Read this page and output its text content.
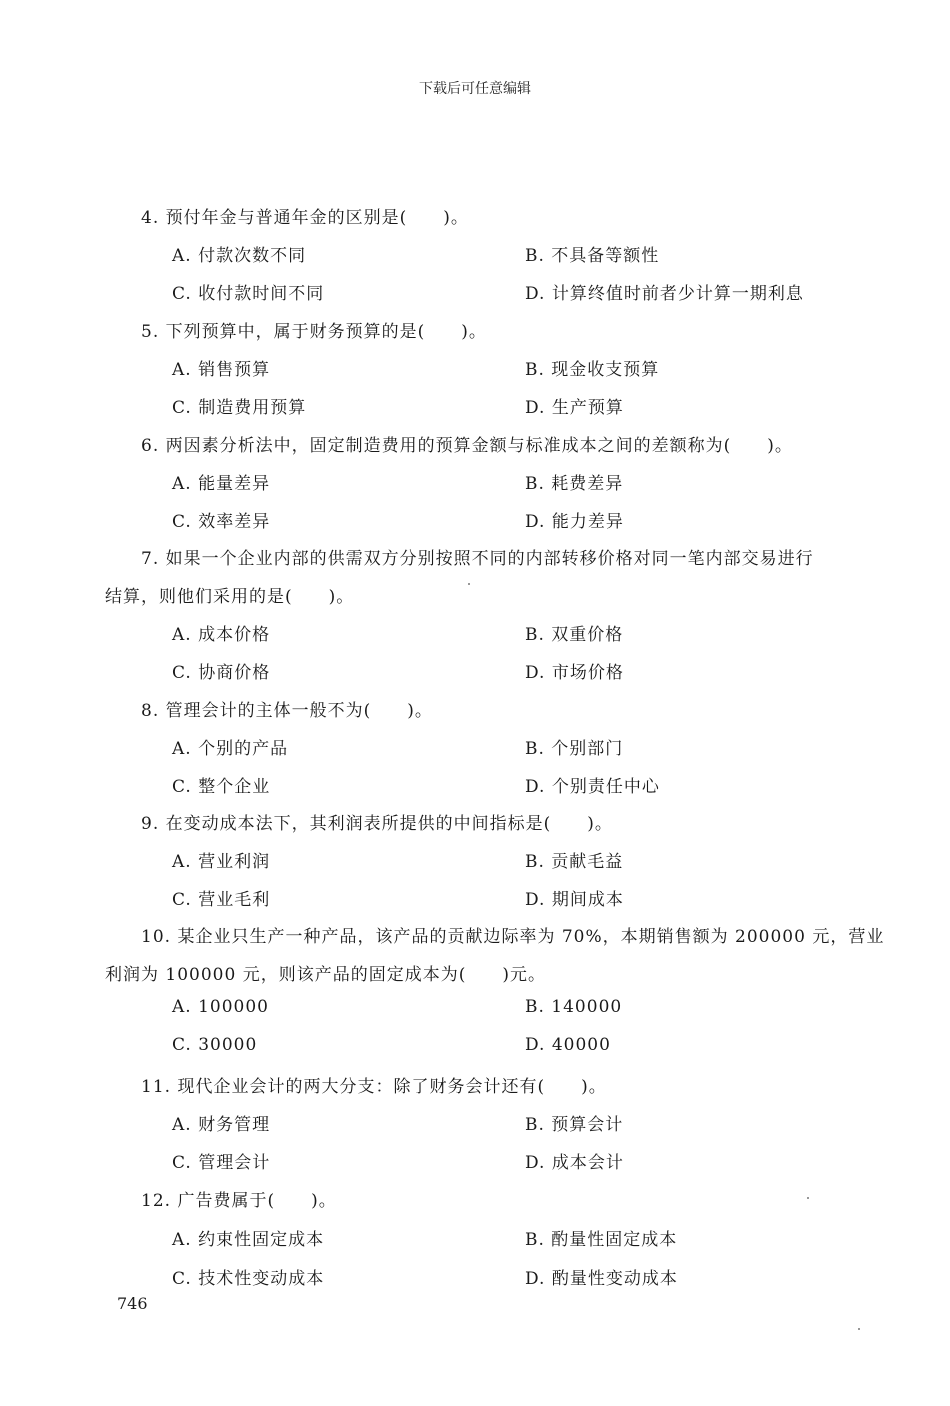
下载后可任意编辑
4. 预付年金与普通年金的区别是(　　)。
A. 付款次数不同	B. 不具备等额性
C. 收付款时间不同	D. 计算终值时前者少计算一期利息
5. 下列预算中，属于财务预算的是(　　)。
A. 销售预算	B. 现金收支预算
C. 制造费用预算	D. 生产预算
6. 两因素分析法中，固定制造费用的预算金额与标准成本之间的差额称为(　　)。
A. 能量差异	B. 耗费差异
C. 效率差异	D. 能力差异
7. 如果一个企业内部的供需双方分别按照不同的内部转移价格对同一笔内部交易进行
结算，则他们采用的是(　　)。
A. 成本价格	B. 双重价格
C. 协商价格	D. 市场价格
8. 管理会计的主体一般不为(　　)。
A. 个别的产品	B. 个别部门
C. 整个企业	D. 个别责任中心
9. 在变动成本法下，其利润表所提供的中间指标是(　　)。
A. 营业利润	B. 贡献毛益
C. 营业毛利	D. 期间成本
10. 某企业只生产一种产品，该产品的贡献边际率为 70%，本期销售额为 200000 元，营业
利润为 100000 元，则该产品的固定成本为(　　)元。
A. 100000	B. 140000
C. 30000	D. 40000
11. 现代企业会计的两大分支：除了财务会计还有(　　)。
A. 财务管理	B. 预算会计
C. 管理会计	D. 成本会计
12. 广告费属于(　　)。
A. 约束性固定成本	B. 酌量性固定成本
C. 技术性变动成本	D. 酌量性变动成本
746
